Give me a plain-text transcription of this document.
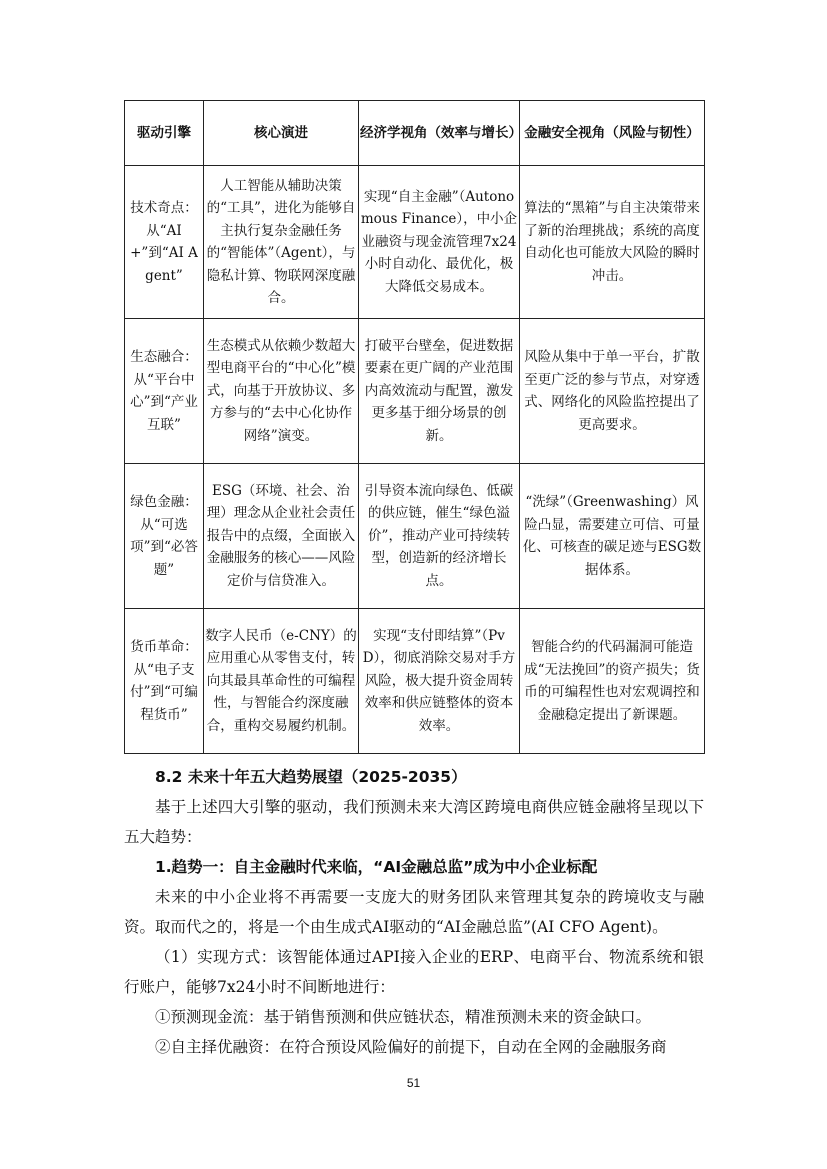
驱动引擎	核心演进	经济学视角（效率与增长）	金融安全视角（风险与韧性）
技术奇点：从“AI+”到“AI Agent”	人工智能从辅助决策的“工具”，进化为能够自主执行复杂金融任务的“智能体”（Agent），与隐私计算、物联网深度融合。	实现“自主金融”（Autonomous Finance），中小企业融资与现金流管理7x24小时自动化、最优化，极大降低交易成本。	算法的“黑箱”与自主决策带来了新的治理挑战；系统的高度自动化也可能放大风险的瞬时冲击。
生态融合：从“平台中心”到“产业互联”	生态模式从依赖少数超大型电商平台的“中心化”模式，向基于开放协议、多方参与的“去中心化协作网络”演变。	打破平台壁垒，促进数据要素在更广阔的产业范围内高效流动与配置，激发更多基于细分场景的创新。	风险从集中于单一平台，扩散至更广泛的参与节点，对穿透式、网络化的风险监控提出了更高要求。
绿色金融：从“可选项”到“必答题”	ESG（环境、社会、治理）理念从企业社会责任报告中的点缀，全面嵌入金融服务的核心——风险定价与信贷准入。	引导资本流向绿色、低碳的供应链，催生“绿色溢价”，推动产业可持续转型，创造新的经济增长点。	“洗绿”（Greenwashing）风险凸显，需要建立可信、可量化、可核查的碳足迹与ESG数据体系。
货币革命：从“电子支付”到“可编程货币”	数字人民币（e-CNY）的应用重心从零售支付，转向其最具革命性的可编程性，与智能合约深度融合，重构交易履约机制。	实现“支付即结算”（PvD），彻底消除交易对手方风险，极大提升资金周转效率和供应链整体的资本效率。	智能合约的代码漏洞可能造成“无法挽回”的资产损失；货币的可编程性也对宏观调控和金融稳定提出了新课题。

8.2 未来十年五大趋势展望（2025-2035）

基于上述四大引擎的驱动，我们预测未来大湾区跨境电商供应链金融将呈现以下五大趋势：

1.趋势一：自主金融时代来临，“AI金融总监”成为中小企业标配

未来的中小企业将不再需要一支庞大的财务团队来管理其复杂的跨境收支与融资。取而代之的，将是一个由生成式AI驱动的“AI金融总监”(AI CFO Agent)。

（1）实现方式：该智能体通过API接入企业的ERP、电商平台、物流系统和银行账户，能够7x24小时不间断地进行：

①预测现金流：基于销售预测和供应链状态，精准预测未来的资金缺口。

②自主择优融资：在符合预设风险偏好的前提下，自动在全网的金融服务商

51
